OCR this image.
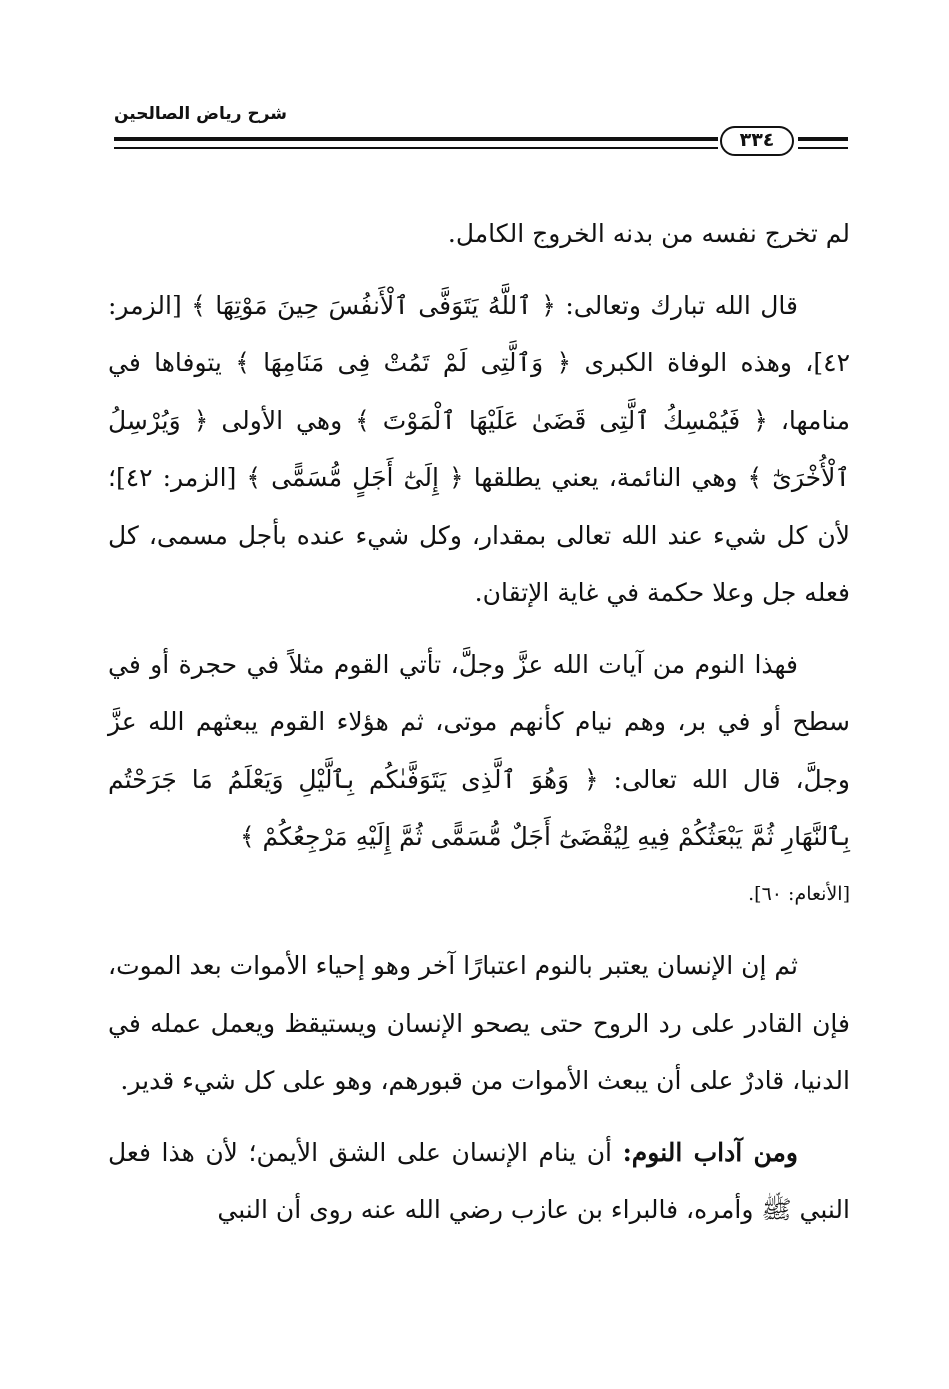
شرح رياض الصالحين
٣٣٤

لم تخرج نفسه من بدنه الخروج الكامل.

قال الله تبارك وتعالى: ﴿ ٱللَّهُ يَتَوَفَّى ٱلْأَنفُسَ حِينَ مَوْتِهَا ﴾ [الزمر: ٤٢]، وهذه الوفاة الكبرى ﴿ وَٱلَّتِى لَمْ تَمُتْ فِى مَنَامِهَا ﴾ يتوفاها في منامها، ﴿ فَيُمْسِكُ ٱلَّتِى قَضَىٰ عَلَيْهَا ٱلْمَوْتَ ﴾ وهي الأولى ﴿ وَيُرْسِلُ ٱلْأُخْرَىٰٓ ﴾ وهي النائمة، يعني يطلقها ﴿ إِلَىٰٓ أَجَلٍ مُّسَمًّى ﴾ [الزمر: ٤٢]؛ لأن كل شيء عند الله تعالى بمقدار، وكل شيء عنده بأجل مسمى، كل فعله جل وعلا حكمة في غاية الإتقان.

فهذا النوم من آيات الله عزَّ وجلَّ، تأتي القوم مثلاً في حجرة أو في سطح أو في بر، وهم نيام كأنهم موتى، ثم هؤلاء القوم يبعثهم الله عزَّ وجلَّ، قال الله تعالى: ﴿ وَهُوَ ٱلَّذِى يَتَوَفَّىٰكُم بِٱلَّيْلِ وَيَعْلَمُ مَا جَرَحْتُم بِٱلنَّهَارِ ثُمَّ يَبْعَثُكُمْ فِيهِ لِيُقْضَىٰٓ أَجَلٌ مُّسَمًّى ثُمَّ إِلَيْهِ مَرْجِعُكُمْ ﴾

[الأنعام: ٦٠].

ثم إن الإنسان يعتبر بالنوم اعتبارًا آخر وهو إحياء الأموات بعد الموت، فإن القادر على رد الروح حتى يصحو الإنسان ويستيقظ ويعمل عمله في الدنيا، قادرٌ على أن يبعث الأموات من قبورهم، وهو على كل شيء قدير.

ومن آداب النوم: أن ينام الإنسان على الشق الأيمن؛ لأن هذا فعل النبي ﷺ وأمره، فالبراء بن عازب رضي الله عنه روى أن النبي
